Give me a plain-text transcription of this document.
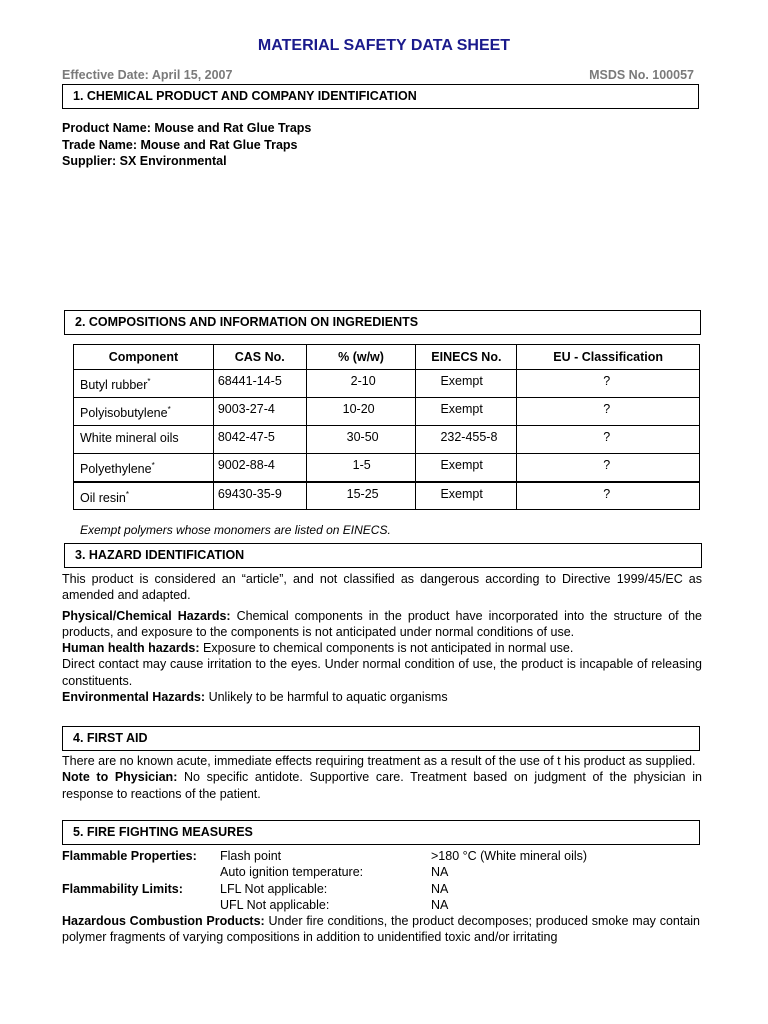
MATERIAL SAFETY DATA SHEET
Effective Date: April 15, 2007	MSDS No. 100057
1. CHEMICAL PRODUCT AND COMPANY IDENTIFICATION
Product Name: Mouse and Rat Glue Traps
Trade Name: Mouse and Rat Glue Traps
Supplier: SX Environmental
2. COMPOSITIONS AND INFORMATION ON INGREDIENTS
Component	CAS No.	% (w/w)	EINECS No.	EU - Classification
Butyl rubber*	68441-14-5	2-10	Exempt	?
Polyisobutylene*	9003-27-4	10-20	Exempt	?
White mineral oils	8042-47-5	30-50	232-455-8	?
Polyethylene*	9002-88-4	1-5	Exempt	?
Oil resin*	69430-35-9	15-25	Exempt	?
Exempt polymers whose monomers are listed on EINECS.
3. HAZARD IDENTIFICATION
This product is considered an “article”, and not classified as dangerous according to Directive 1999/45/EC as amended and adapted.
Physical/Chemical Hazards: Chemical components in the product have incorporated into the structure of the products, and exposure to the components is not anticipated under normal conditions of use.
Human health hazards: Exposure to chemical components is not anticipated in normal use.
Direct contact may cause irritation to the eyes. Under normal condition of use, the product is incapable of releasing constituents.
Environmental Hazards: Unlikely to be harmful to aquatic organisms
4. FIRST AID
There are no known acute, immediate effects requiring treatment as a result of the use of t his product as supplied.
Note to Physician: No specific antidote. Supportive care. Treatment based on judgment of the physician in response to reactions of the patient.
5. FIRE FIGHTING MEASURES
Flammable Properties: Flash point	>180 °C (White mineral oils)
Auto ignition temperature:	NA
Flammability Limits:	LFL Not applicable:	NA
UFL Not applicable:	NA
Hazardous Combustion Products: Under fire conditions, the product decomposes; produced smoke may contain polymer fragments of varying compositions in addition to unidentified toxic and/or irritating
